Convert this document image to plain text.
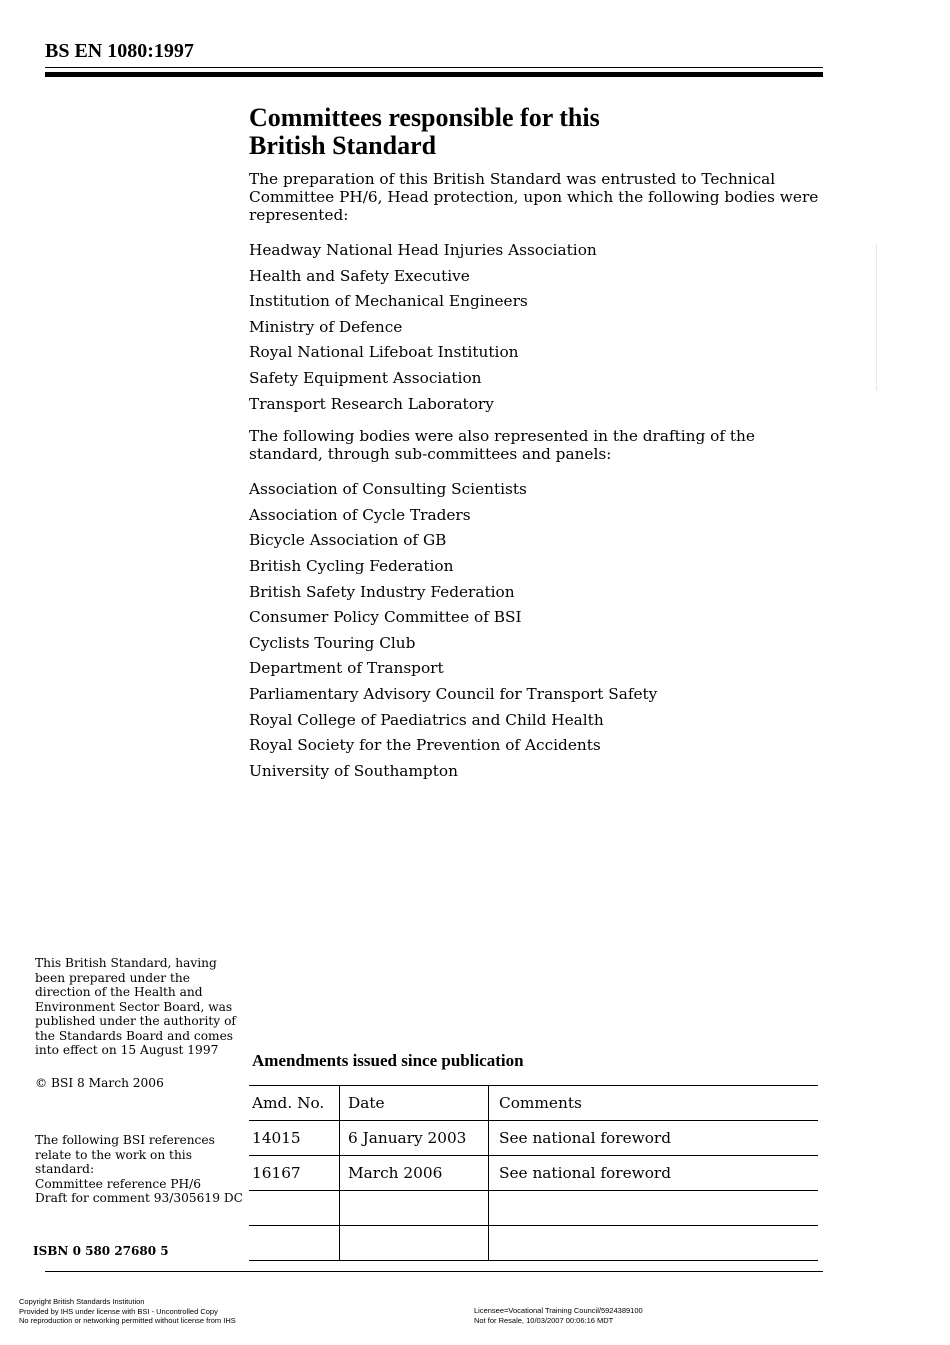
BS EN 1080:1997
Committees responsible for this
British Standard

The preparation of this British Standard was entrusted to Technical Committee PH/6, Head protection, upon which the following bodies were represented:

Headway National Head Injuries Association
Health and Safety Executive
Institution of Mechanical Engineers
Ministry of Defence
Royal National Lifeboat Institution
Safety Equipment Association
Transport Research Laboratory

The following bodies were also represented in the drafting of the standard, through sub-committees and panels:

Association of Consulting Scientists
Association of Cycle Traders
Bicycle Association of GB
British Cycling Federation
British Safety Industry Federation
Consumer Policy Committee of BSI
Cyclists Touring Club
Department of Transport
Parliamentary Advisory Council for Transport Safety
Royal College of Paediatrics and Child Health
Royal Society for the Prevention of Accidents
University of Southampton
This British Standard, having been prepared under the direction of the Health and Environment Sector Board, was published under the authority of the Standards Board and comes into effect on 15 August 1997
© BSI 8 March 2006
The following BSI references relate to the work on this standard:
Committee reference PH/6
Draft for comment 93/305619 DC
ISBN 0 580 27680 5
Amendments issued since publication
Amd. No.	Date	Comments
14015	6 January 2003	See national foreword
16167	March 2006	See national foreword

Copyright British Standards Institution
Provided by IHS under license with BSI - Uncontrolled Copy
No reproduction or networking permitted without license from IHS
Licensee=Vocational Training Council/5924389100
Not for Resale, 10/03/2007 00:06:16 MDT
